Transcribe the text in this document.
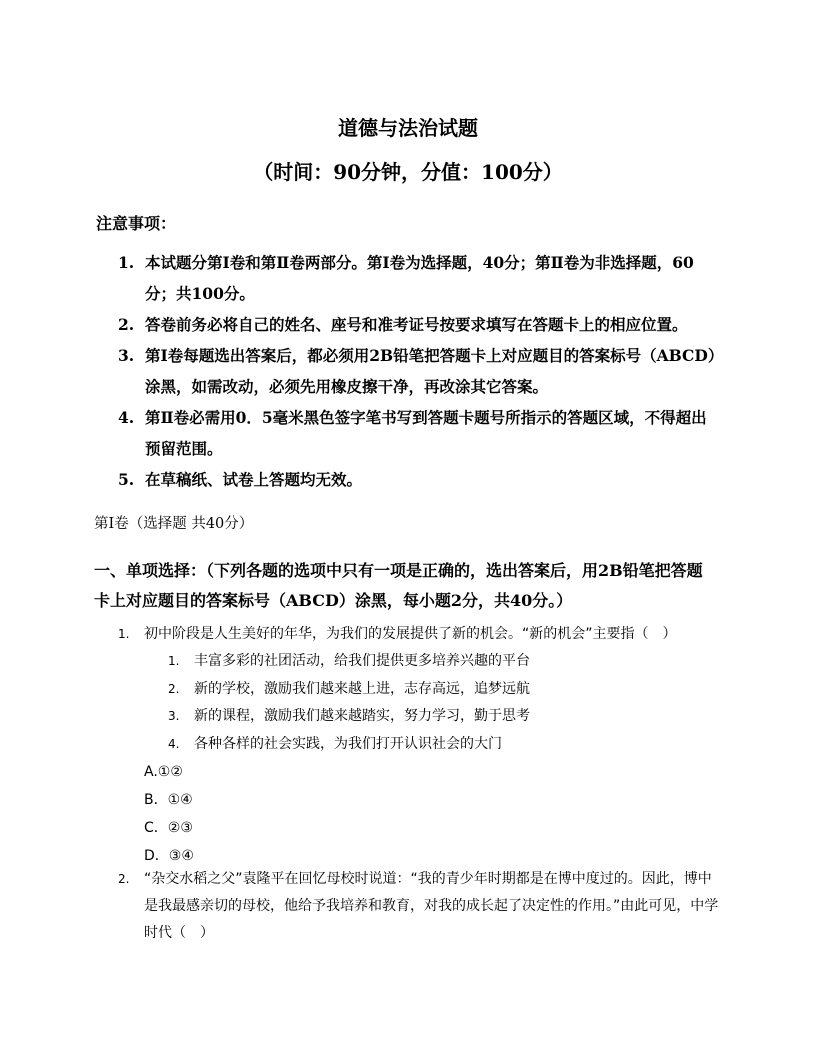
道德与法治试题
（时间：90分钟，分值：100分）
注意事项：
1. 本试题分第Ⅰ卷和第Ⅱ卷两部分。第Ⅰ卷为选择题，40分；第Ⅱ卷为非选择题，60分；共100分。
2. 答卷前务必将自己的姓名、座号和准考证号按要求填写在答题卡上的相应位置。
3. 第Ⅰ卷每题选出答案后，都必须用2B铅笔把答题卡上对应题目的答案标号（ABCD）涂黑，如需改动，必须先用橡皮擦干净，再改涂其它答案。
4. 第Ⅱ卷必需用0．5毫米黑色签字笔书写到答题卡题号所指示的答题区域，不得超出预留范围。
5. 在草稿纸、试卷上答题均无效。
第Ⅰ卷（选择题 共40分）
一、单项选择：（下列各题的选项中只有一项是正确的，选出答案后，用2B铅笔把答题卡上对应题目的答案标号（ABCD）涂黑，每小题2分，共40分。）
1.	初中阶段是人生美好的年华，为我们的发展提供了新的机会。“新的机会”主要指（　）
1. 丰富多彩的社团活动，给我们提供更多培养兴趣的平台
2. 新的学校，激励我们越来越上进，志存高远，追梦远航
3. 新的课程，激励我们越来越踏实，努力学习，勤于思考
4. 各种各样的社会实践，为我们打开认识社会的大门
A.①②
B．①④
C．②③
D．③④
2.	“杂交水稻之父”袁隆平在回忆母校时说道：“我的青少年时期都是在博中度过的。因此，博中是我最感亲切的母校，他给予我培养和教育，对我的成长起了决定性的作用。”由此可见，中学时代（　）
